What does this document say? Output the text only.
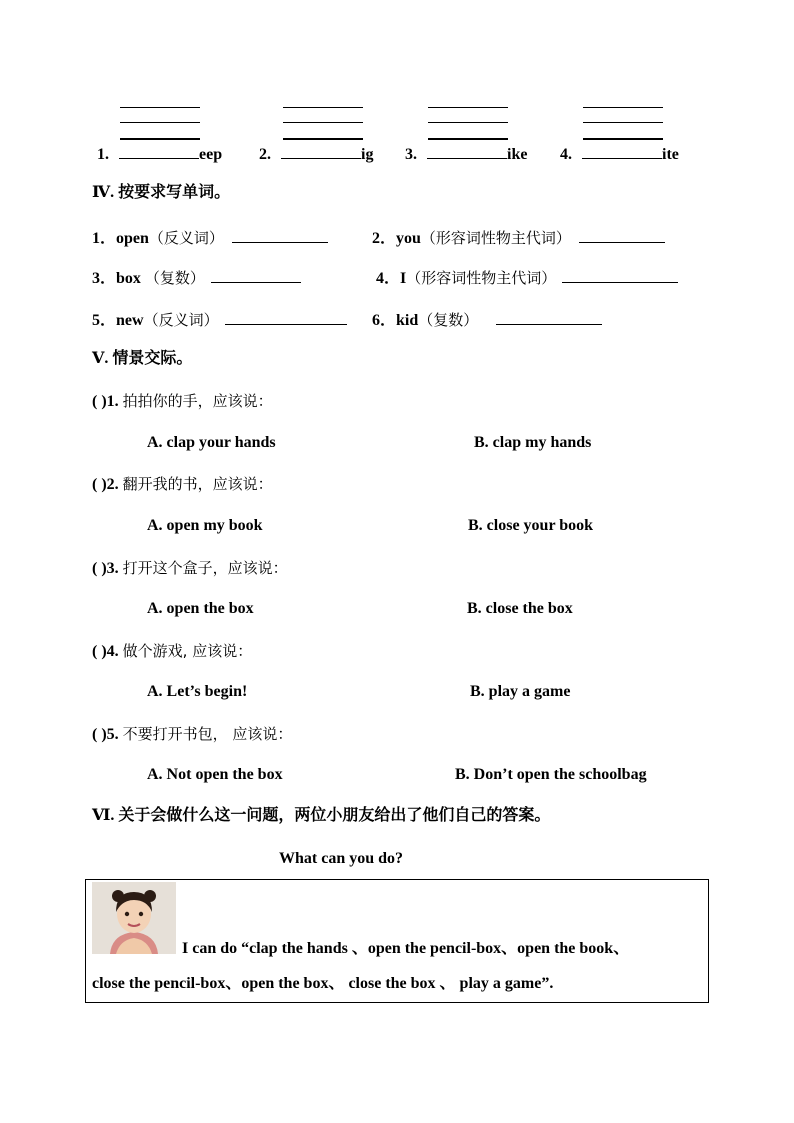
1.	eep 2.	ig 3.	ike 4.	ite
Ⅳ. 按要求写单词。
1．open（反义词）	2．you（形容词性物主代词）
3．box （复数）	4．I（形容词性物主代词）
5．new（反义词）	6．kid（复数）
Ⅴ. 情景交际。
( )1. 拍拍你的手，应该说：
A. clap your hands	B. clap my hands
( )2. 翻开我的书，应该说：
A. open my book	B. close your book
( )3. 打开这个盒子，应该说：
A. open the box	B. close the box
( )4. 做个游戏, 应该说：
A. Let’s begin!	B. play a game
( )5. 不要打开书包， 应该说：
A. Not open the box	B. Don’t open the schoolbag
Ⅵ. 关于会做什么这一问题，两位小朋友给出了他们自己的答案。
What can you do?
I can do “clap the hands 、open the pencil-box、open the book、
close the pencil-box、open the box、 close the box 、 play a game”.
